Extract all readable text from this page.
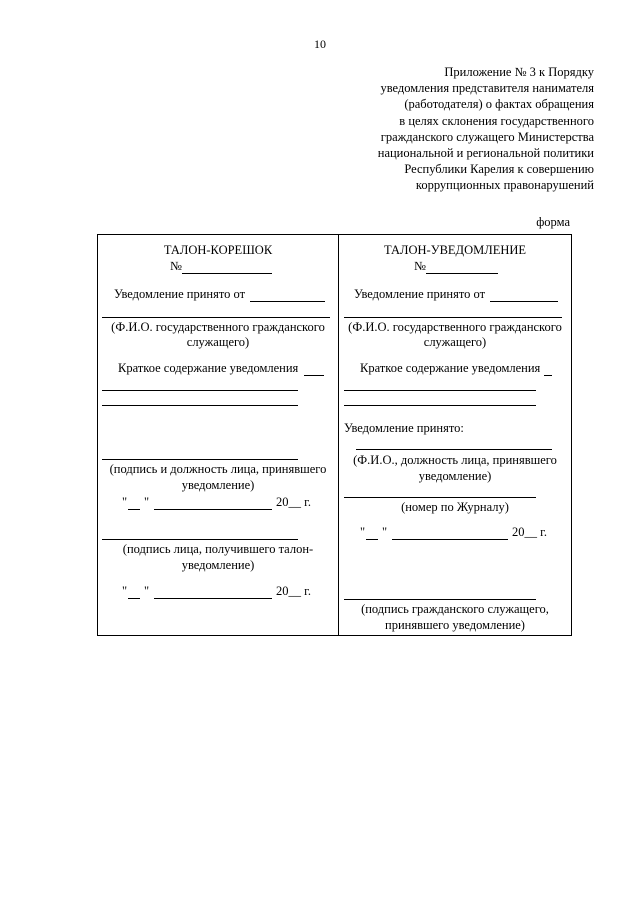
10
Приложение № 3 к Порядку
уведомления представителя нанимателя
(работодателя) о фактах обращения
в целях склонения государственного
гражданского служащего Министерства
национальной и региональной политики
Республики Карелия к совершению
коррупционных правонарушений
форма
ТАЛОН-КОРЕШОК
№
Уведомление принято от
(Ф.И.О. государственного гражданского
служащего)
Краткое содержание уведомления
(подпись и должность лица, принявшего
уведомление)
" "	20__ г.
(подпись лица, получившего талон-
уведомление)
" "	20__ г.
ТАЛОН-УВЕДОМЛЕНИЕ
№
Уведомление принято от
(Ф.И.О. государственного гражданского
служащего)
Краткое содержание уведомления
Уведомление принято:
(Ф.И.О., должность лица, принявшего
уведомление)
(номер по Журналу)
" "	20__ г.
(подпись гражданского служащего,
принявшего уведомление)
